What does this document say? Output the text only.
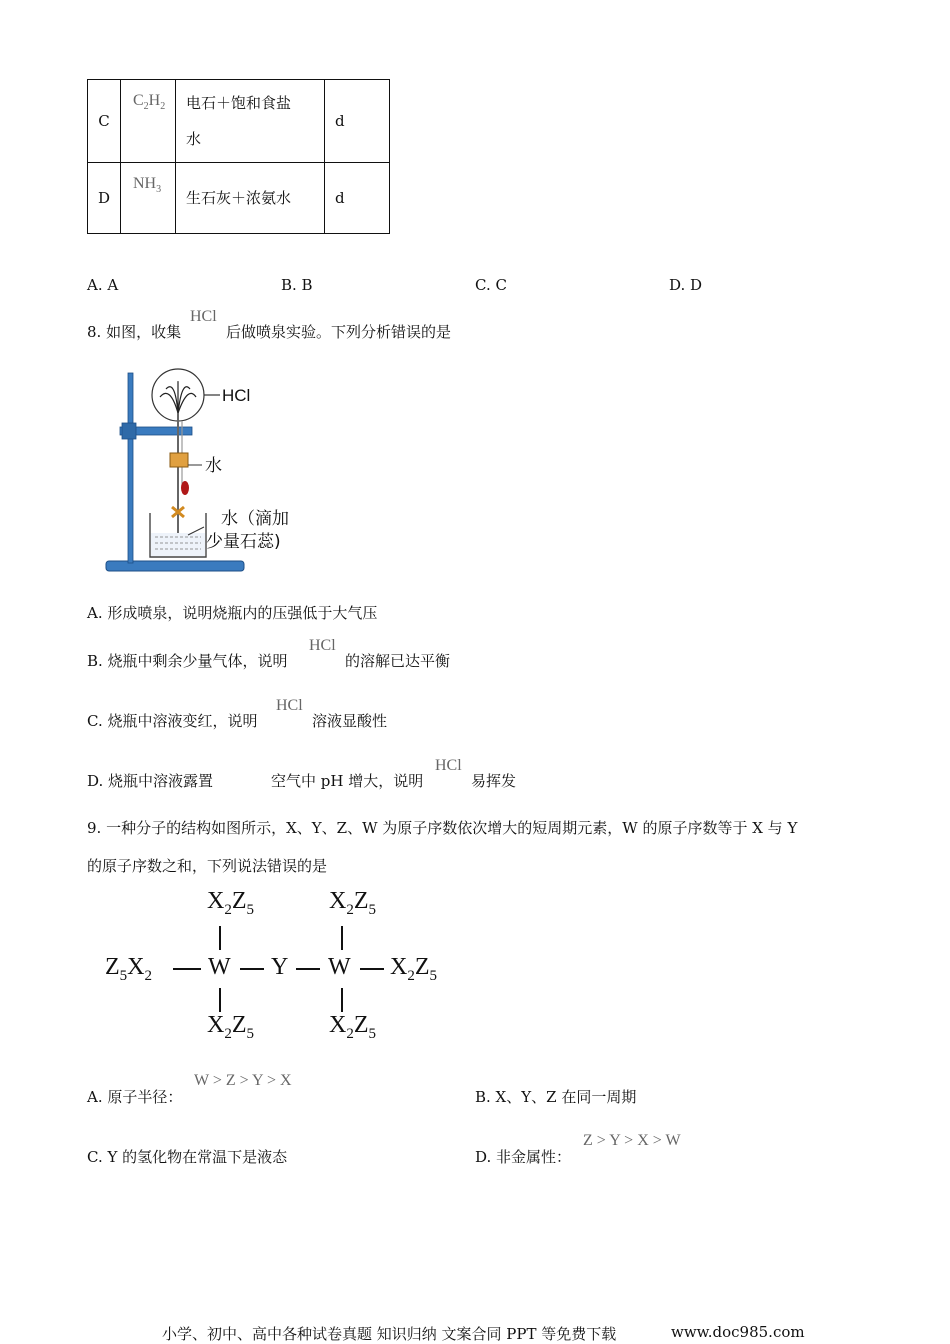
C	$C_2H_2$	电石＋饱和食盐
水	d
D	$NH_3$	生石灰＋浓氨水	d
A. A	B. B	C. C	D. D
8. 如图，收集
HCl
后做喷泉实验。下列分析错误的是
HCl
水
水（滴加
少量石蕊)
A. 形成喷泉，说明烧瓶内的压强低于大气压
B. 烧瓶中剩余少量气体，说明
HCl
的溶解已达平衡
C. 烧瓶中溶液变红，说明
HCl
溶液显酸性
D. 烧瓶中溶液露置	空气中 pH 增大，说明
HCl
易挥发
9. 一种分子的结构如图所示，X、Y、Z、W 为原子序数依次增大的短周期元素，W 的原子序数等于 X 与 Y
的原子序数之和，下列说法错误的是
$X_2Z_5$	$X_2Z_5$
$Z_5X_2$ W Y W $X_2Z_5$
$X_2Z_5$	$X_2Z_5$
A. 原子半径：
W > Z > Y > X
B. X、Y、Z 在同一周期
C. Y 的氢化物在常温下是液态	D. 非金属性：
Z > Y > X > W
小学、初中、高中各种试卷真题 知识归纳 文案合同 PPT 等免费下载	www.doc985.com
